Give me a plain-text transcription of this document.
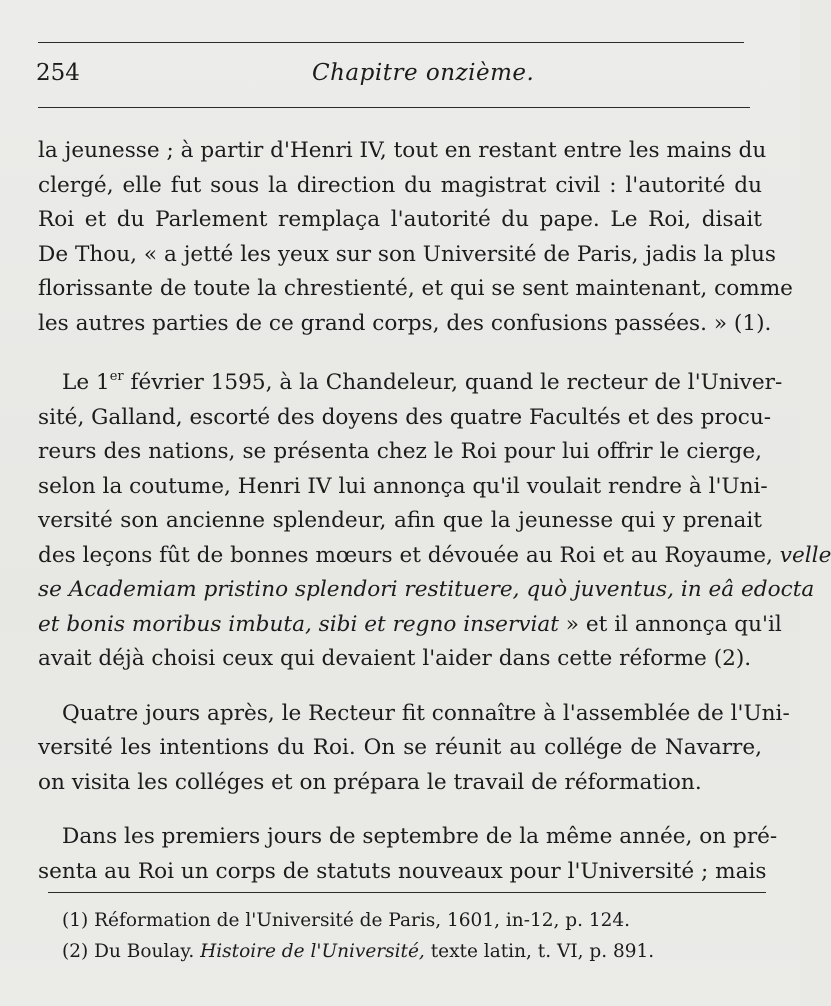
254	Chapitre onzième.
la jeunesse ; à partir d'Henri IV, tout en restant entre les mains du
clergé, elle fut sous la direction du magistrat civil : l'autorité du
Roi et du Parlement remplaça l'autorité du pape. Le Roi, disait
De Thou, « a jetté les yeux sur son Université de Paris, jadis la plus
florissante de toute la chrestienté, et qui se sent maintenant, comme
les autres parties de ce grand corps, des confusions passées. » (1).
Le 1er février 1595, à la Chandeleur, quand le recteur de l'Univer-
sité, Galland, escorté des doyens des quatre Facultés et des procu-
reurs des nations, se présenta chez le Roi pour lui offrir le cierge,
selon la coutume, Henri IV lui annonça qu'il voulait rendre à l'Uni-
versité son ancienne splendeur, afin que la jeunesse qui y prenait
des leçons fût de bonnes mœurs et dévouée au Roi et au Royaume, velle
se Academiam pristino splendori restituere, quò juventus, in eâ edocta
et bonis moribus imbuta, sibi et regno inserviat » et il annonça qu'il
avait déjà choisi ceux qui devaient l'aider dans cette réforme (2).
Quatre jours après, le Recteur fit connaître à l'assemblée de l'Uni-
versité les intentions du Roi. On se réunit au collége de Navarre,
on visita les colléges et on prépara le travail de réformation.
Dans les premiers jours de septembre de la même année, on pré-
senta au Roi un corps de statuts nouveaux pour l'Université ; mais
(1) Réformation de l'Université de Paris, 1601, in-12, p. 124.
(2) Du Boulay. Histoire de l'Université, texte latin, t. VI, p. 891.
